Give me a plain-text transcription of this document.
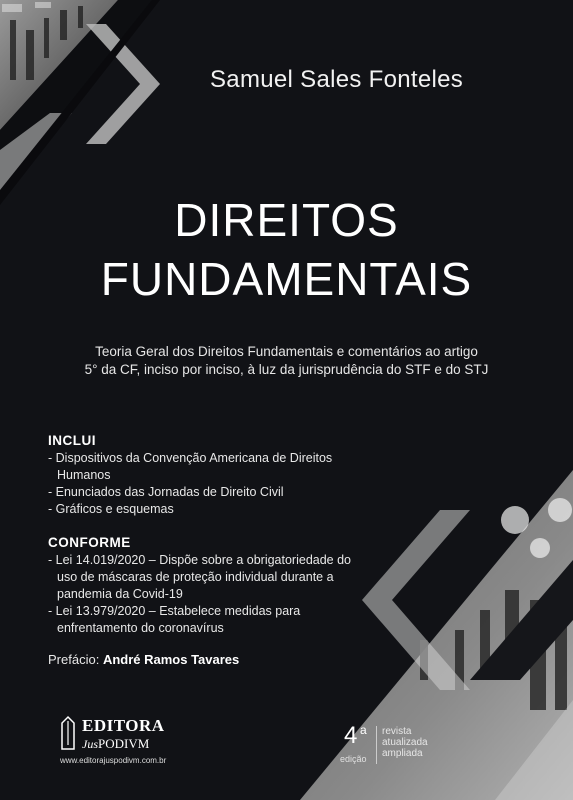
Samuel Sales Fonteles
DIREITOS
FUNDAMENTAIS
Teoria Geral dos Direitos Fundamentais e comentários ao artigo
5° da CF, inciso por inciso, à luz da jurisprudência do STF e do STJ
INCLUI
- Dispositivos da Convenção Americana de Direitos Humanos
- Enunciados das Jornadas de Direito Civil
- Gráficos e esquemas
CONFORME
- Lei 14.019/2020 – Dispõe sobre a obrigatoriedade do uso de máscaras de proteção individual durante a pandemia da Covid-19
- Lei 13.979/2020 – Estabelece medidas para enfrentamento do coronavírus
Prefácio: André Ramos Tavares
EDITORA
JusPODIVM
www.editorajuspodivm.com.br
4 a
edição
revista
atualizada
ampliada
